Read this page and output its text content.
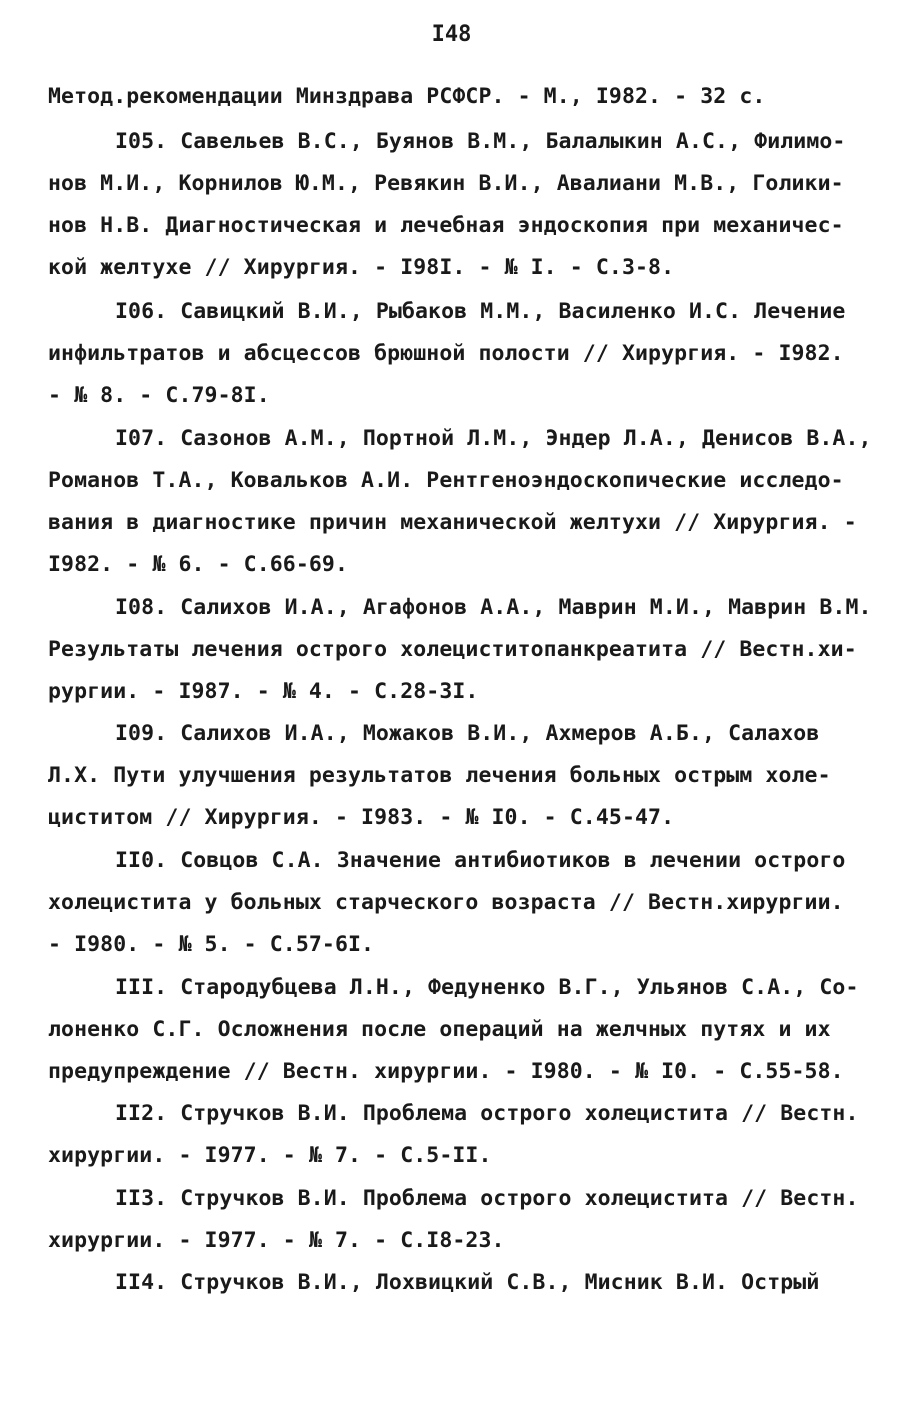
I48
Метод.рекомендации Минздрава РСФСР. - М., I982. - 32 с.
I05. Савельев В.С., Буянов В.М., Балалыкин А.С., Филимо-
нов М.И., Корнилов Ю.М., Ревякин В.И., Авалиани М.В., Голики-
нов Н.В. Диагностическая и лечебная эндоскопия при механичес-
кой желтухе // Хирургия. - I98I. - № I. - С.3-8.
I06. Савицкий В.И., Рыбаков М.М., Василенко И.С. Лечение
инфильтратов и абсцессов брюшной полости // Хирургия. - I982.
- № 8. - С.79-8I.
I07. Сазонов А.М., Портной Л.М., Эндер Л.А., Денисов В.А.,
Романов Т.А., Ковальков А.И. Рентгеноэндоскопические исследо-
вания в диагностике причин механической желтухи // Хирургия. -
I982. - № 6. - С.66-69.
I08. Салихов И.А., Агафонов А.А., Маврин М.И., Маврин В.М.
Результаты лечения острого холециститопанкреатита // Вестн.хи-
рургии. - I987. - № 4. - С.28-3I.
I09. Салихов И.А., Можаков В.И., Ахмеров А.Б., Салахов
Л.Х. Пути улучшения результатов лечения больных острым холе-
циститом // Хирургия. - I983. - № I0. - С.45-47.
II0. Совцов С.А. Значение антибиотиков в лечении острого
холецистита у больных старческого возраста // Вестн.хирургии.
- I980. - № 5. - С.57-6I.
III. Стародубцева Л.Н., Федуненко В.Г., Ульянов С.А., Со-
лоненко С.Г. Осложнения после операций на желчных путях и их
предупреждение // Вестн. хирургии. - I980. - № I0. - С.55-58.
II2. Стручков В.И. Проблема острого холецистита // Вестн.
хирургии. - I977. - № 7. - С.5-II.
II3. Стручков В.И. Проблема острого холецистита // Вестн.
хирургии. - I977. - № 7. - С.I8-23.
II4. Стручков В.И., Лохвицкий С.В., Мисник В.И. Острый
